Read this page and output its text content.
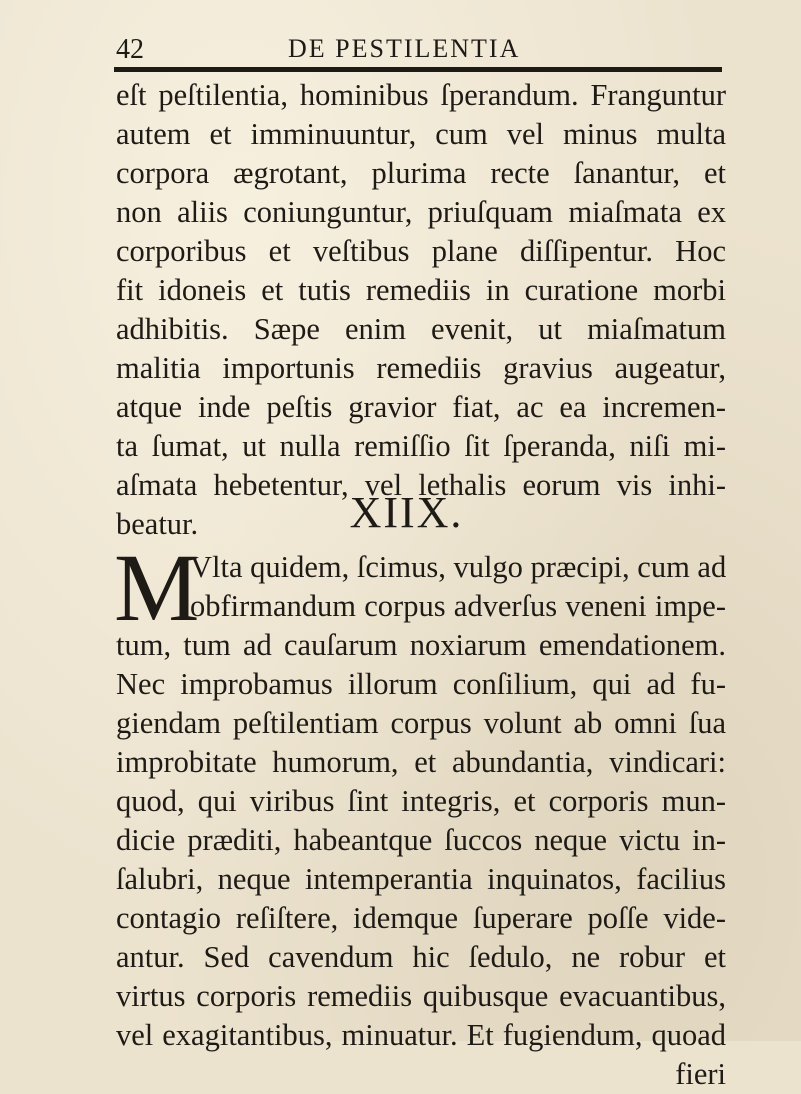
42	DE PESTILENTIA
eſt peſtilentia, hominibus ſperandum. Franguntur
autem et imminuuntur, cum vel minus multa
corpora ægrotant, plurima recte ſanantur, et
non aliis coniunguntur, priuſquam miaſmata ex
corporibus et veſtibus plane diſſipentur. Hoc
fit idoneis et tutis remediis in curatione morbi
adhibitis. Sæpe enim evenit, ut miaſmatum
malitia importunis remediis gravius augeatur,
atque inde peſtis gravior fiat, ac ea incremen-
ta ſumat, ut nulla remiſſio ſit ſperanda, niſi mi-
aſmata hebetentur, vel lethalis eorum vis inhi-
beatur.	XIIX.
M
Vlta quidem, ſcimus, vulgo præcipi, cum ad
obfirmandum corpus adverſus veneni impe-
tum, tum ad cauſarum noxiarum emendationem.
Nec improbamus illorum conſilium, qui ad fu-
giendam peſtilentiam corpus volunt ab omni ſua
improbitate humorum, et abundantia, vindicari:
quod, qui viribus ſint integris, et corporis mun-
dicie præditi, habeantque ſuccos neque victu in-
ſalubri, neque intemperantia inquinatos, facilius
contagio reſiſtere, idemque ſuperare poſſe vide-
antur. Sed cavendum hic ſedulo, ne robur et
virtus corporis remediis quibusque evacuantibus,
vel exagitantibus, minuatur. Et fugiendum, quoad
fieri
